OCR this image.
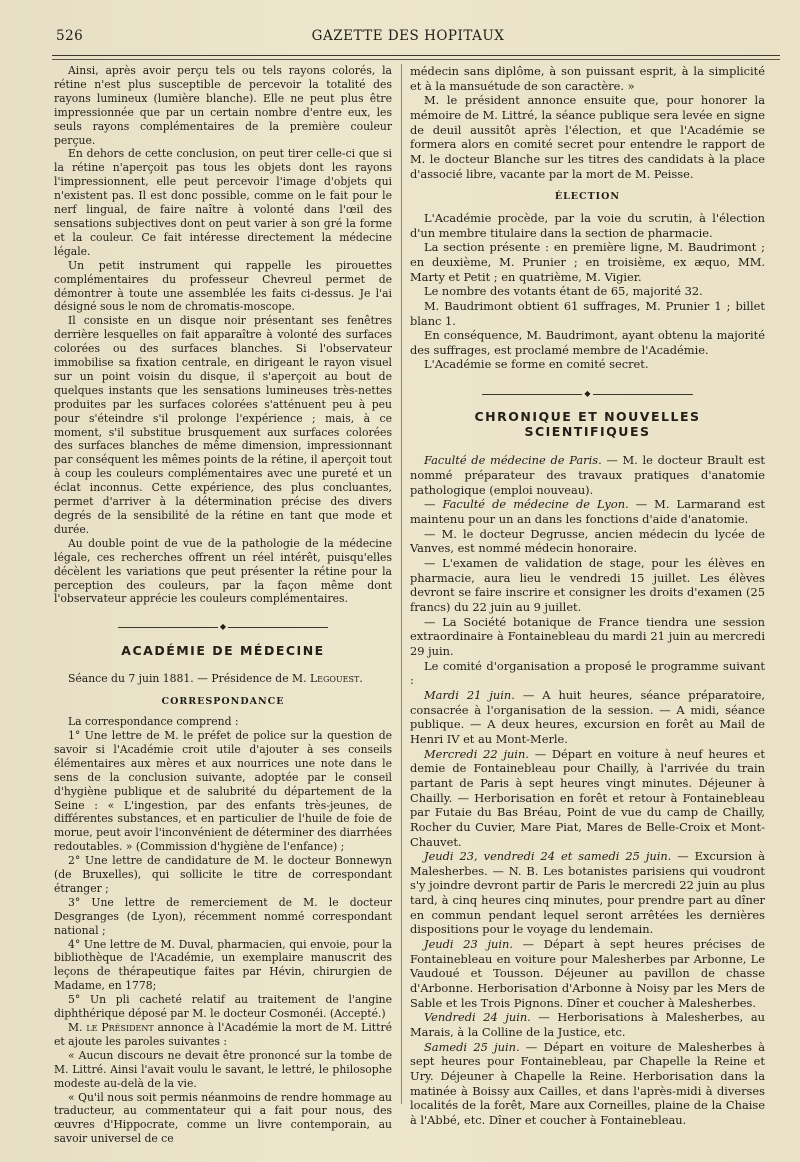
526	GAZETTE DES HOPITAUX

Ainsi, après avoir perçu tels ou tels rayons colorés, la rétine n'est plus susceptible de percevoir la totalité des rayons lumineux (lumière blanche). Elle ne peut plus être impressionnée que par un certain nombre d'entre eux, les seuls rayons complémentaires de la première couleur perçue.

En dehors de cette conclusion, on peut tirer celle-ci que si la rétine n'aperçoit pas tous les objets dont les rayons l'impressionnent, elle peut percevoir l'image d'objets qui n'existent pas. Il est donc possible, comme on le fait pour le nerf lingual, de faire naître à volonté dans l'œil des sensations subjectives dont on peut varier à son gré la forme et la couleur. Ce fait intéresse directement la médecine légale.

Un petit instrument qui rappelle les pirouettes complémentaires du professeur Chevreul permet de démontrer à toute une assemblée les faits ci-dessus. Je l'ai désigné sous le nom de chromatis-moscope.

Il consiste en un disque noir présentant ses fenêtres derrière lesquelles on fait apparaître à volonté des surfaces colorées ou des surfaces blanches. Si l'observateur immobilise sa fixation centrale, en dirigeant le rayon visuel sur un point voisin du disque, il s'aperçoit au bout de quelques instants que les sensations lumineuses très-nettes produites par les surfaces colorées s'atténuent peu à peu pour s'éteindre s'il prolonge l'expérience ; mais, à ce moment, s'il substitue brusquement aux surfaces colorées des surfaces blanches de même dimension, impressionnant par conséquent les mêmes points de la rétine, il aperçoit tout à coup les couleurs complémentaires avec une pureté et un éclat inconnus. Cette expérience, des plus concluantes, permet d'arriver à la détermination précise des divers degrés de la sensibilité de la rétine en tant que mode et durée.

Au double point de vue de la pathologie de la médecine légale, ces recherches offrent un réel intérêt, puisqu'elles décèlent les variations que peut présenter la rétine pour la perception des couleurs, par la façon même dont l'observateur apprécie les couleurs complémentaires.

◆
ACADÉMIE DE MÉDECINE

Séance du 7 juin 1881. — Présidence de M. Legouest.

CORRESPONDANCE

La correspondance comprend :

1° Une lettre de M. le préfet de police sur la question de savoir si l'Académie croit utile d'ajouter à ses conseils élémentaires aux mères et aux nourrices une note dans le sens de la conclusion suivante, adoptée par le conseil d'hygiène publique et de salubrité du département de la Seine : « L'ingestion, par des enfants très-jeunes, de différentes substances, et en particulier de l'huile de foie de morue, peut avoir l'inconvénient de déterminer des diarrhées redoutables. » (Commission d'hygiène de l'enfance) ;

2° Une lettre de candidature de M. le docteur Bonnewyn (de Bruxelles), qui sollicite le titre de correspondant étranger ;

3° Une lettre de remerciement de M. le docteur Desgranges (de Lyon), récemment nommé correspondant national ;

4° Une lettre de M. Duval, pharmacien, qui envoie, pour la bibliothèque de l'Académie, un exemplaire manuscrit des leçons de thérapeutique faites par Hévin, chirurgien de Madame, en 1778;

5° Un pli cacheté relatif au traitement de l'angine diphthérique déposé par M. le docteur Cosmonéi. (Accepté.)

M. le Président annonce à l'Académie la mort de M. Littré et ajoute les paroles suivantes :

« Aucun discours ne devait être prononcé sur la tombe de M. Littré. Ainsi l'avait voulu le savant, le lettré, le philosophe modeste au-delà de la vie.

« Qu'il nous soit permis néanmoins de rendre hommage au traducteur, au commentateur qui a fait pour nous, des œuvres d'Hippocrate, comme un livre contemporain, au savoir universel de ce

médecin sans diplôme, à son puissant esprit, à la simplicité et à la mansuétude de son caractère. »

M. le président annonce ensuite que, pour honorer la mémoire de M. Littré, la séance publique sera levée en signe de deuil aussitôt après l'élection, et que l'Académie se formera alors en comité secret pour entendre le rapport de M. le docteur Blanche sur les titres des candidats à la place d'associé libre, vacante par la mort de M. Peisse.

ÉLECTION

L'Académie procède, par la voie du scrutin, à l'élection d'un membre titulaire dans la section de pharmacie.

La section présente : en première ligne, M. Baudrimont ; en deuxième, M. Prunier ; en troisième, ex æquo, MM. Marty et Petit ; en quatrième, M. Vigier.

Le nombre des votants étant de 65, majorité 32.

M. Baudrimont obtient 61 suffrages, M. Prunier 1 ; billet blanc 1.

En conséquence, M. Baudrimont, ayant obtenu la majorité des suffrages, est proclamé membre de l'Académie.

L'Académie se forme en comité secret.

◆
CHRONIQUE ET NOUVELLES SCIENTIFIQUES

Faculté de médecine de Paris. — M. le docteur Brault est nommé préparateur des travaux pratiques d'anatomie pathologique (emploi nouveau).

— Faculté de médecine de Lyon. — M. Larmarand est maintenu pour un an dans les fonctions d'aide d'anatomie.

— M. le docteur Degrusse, ancien médecin du lycée de Vanves, est nommé médecin honoraire.

— L'examen de validation de stage, pour les élèves en pharmacie, aura lieu le vendredi 15 juillet. Les élèves devront se faire inscrire et consigner les droits d'examen (25 francs) du 22 juin au 9 juillet.

— La Société botanique de France tiendra une session extraordinaire à Fontainebleau du mardi 21 juin au mercredi 29 juin.

Le comité d'organisation a proposé le programme suivant :

Mardi 21 juin. — A huit heures, séance préparatoire, consacrée à l'organisation de la session. — A midi, séance publique. — A deux heures, excursion en forêt au Mail de Henri IV et au Mont-Merle.

Mercredi 22 juin. — Départ en voiture à neuf heures et demie de Fontainebleau pour Chailly, à l'arrivée du train partant de Paris à sept heures vingt minutes. Déjeuner à Chailly. — Herborisation en forêt et retour à Fontainebleau par Futaie du Bas Bréau, Point de vue du camp de Chailly, Rocher du Cuvier, Mare Piat, Mares de Belle-Croix et Mont-Chauvet.

Jeudi 23, vendredi 24 et samedi 25 juin. — Excursion à Malesherbes. — N. B. Les botanistes parisiens qui voudront s'y joindre devront partir de Paris le mercredi 22 juin au plus tard, à cinq heures cinq minutes, pour prendre part au dîner en commun pendant lequel seront arrêtées les dernières dispositions pour le voyage du lendemain.

Jeudi 23 juin. — Départ à sept heures précises de Fontainebleau en voiture pour Malesherbes par Arbonne, Le Vaudoué et Tousson. Déjeuner au pavillon de chasse d'Arbonne. Herborisation d'Arbonne à Noisy par les Mers de Sable et les Trois Pignons. Dîner et coucher à Malesherbes.

Vendredi 24 juin. — Herborisations à Malesherbes, au Marais, à la Colline de la Justice, etc.

Samedi 25 juin. — Départ en voiture de Malesherbes à sept heures pour Fontainebleau, par Chapelle la Reine et Ury. Déjeuner à Chapelle la Reine. Herborisation dans la matinée à Boissy aux Cailles, et dans l'après-midi à diverses localités de la forêt, Mare aux Corneilles, plaine de la Chaise à l'Abbé, etc. Dîner et coucher à Fontainebleau.
